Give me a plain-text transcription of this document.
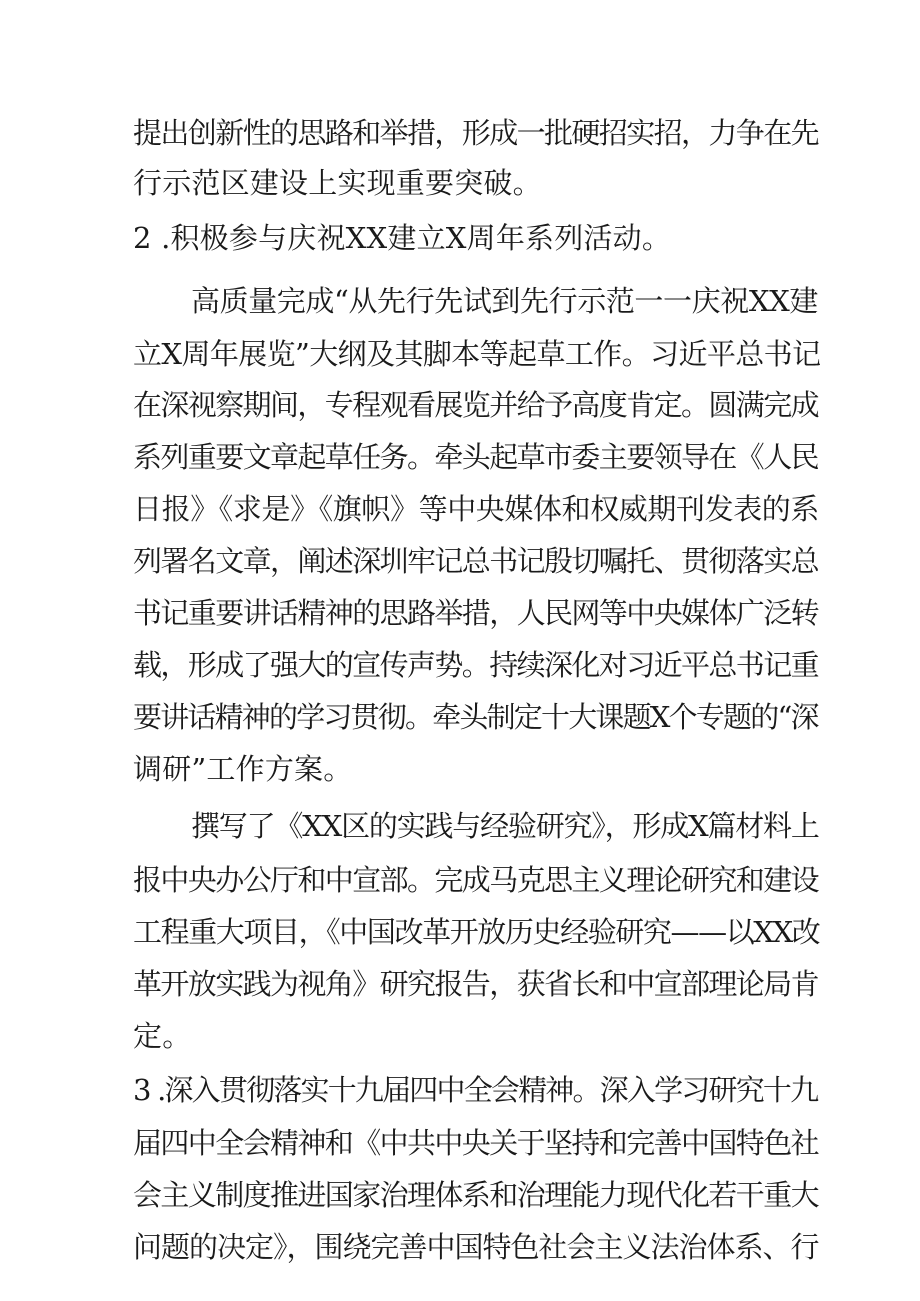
提出创新性的思路和举措，形成一批硬招实招，力争在先
行示范区建设上实现重要突破。
2 .积极参与庆祝XX建立X周年系列活动。
高质量完成“从先行先试到先行示范一一庆祝XX建
立X周年展览”大纲及其脚本等起草工作。习近平总书记
在深视察期间，专程观看展览并给予高度肯定。圆满完成
系列重要文章起草任务。牵头起草市委主要领导在《人民
日报》《求是》《旗帜》等中央媒体和权威期刊发表的系
列署名文章，阐述深圳牢记总书记殷切嘱托、贯彻落实总
书记重要讲话精神的思路举措，人民网等中央媒体广泛转
载，形成了强大的宣传声势。持续深化对习近平总书记重
要讲话精神的学习贯彻。牵头制定十大课题X个专题的“深
调研”工作方案。
撰写了《XX区的实践与经验研究》，形成X篇材料上
报中央办公厅和中宣部。完成马克思主义理论研究和建设
工程重大项目，《中国改革开放历史经验研究——以XX改
革开放实践为视角》研究报告，获省长和中宣部理论局肯
定。
3 .深入贯彻落实十九届四中全会精神。深入学习研究十九
届四中全会精神和《中共中央关于坚持和完善中国特色社
会主义制度推进国家治理体系和治理能力现代化若干重大
问题的决定》，围绕完善中国特色社会主义法治体系、行
